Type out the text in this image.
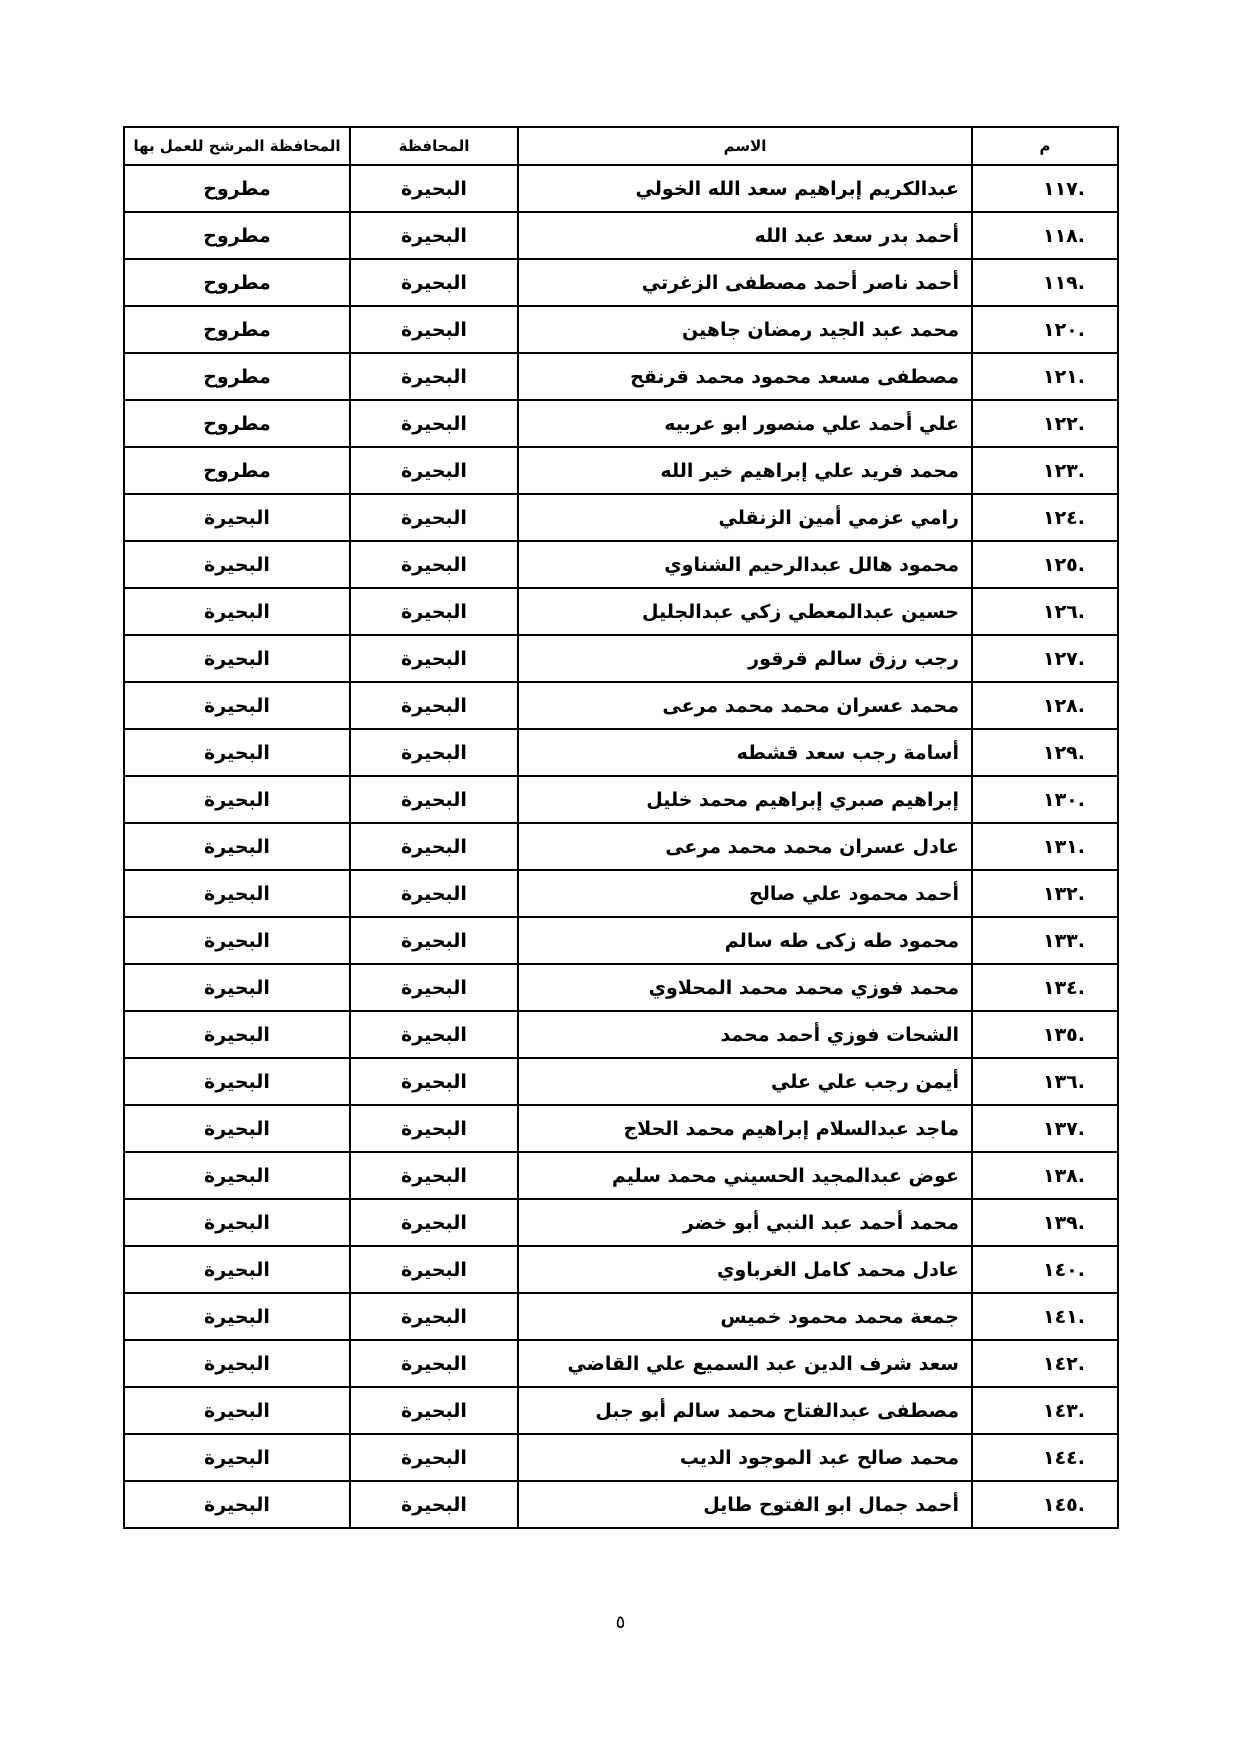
م	الاسم	المحافظة	المحافظة المرشح للعمل بها
.١١٧	عبدالكريم إبراهيم سعد الله الخولي	البحيرة	مطروح
.١١٨	أحمد بدر سعد عبد الله	البحيرة	مطروح
.١١٩	أحمد ناصر أحمد مصطفى الزغرتي	البحيرة	مطروح
.١٢٠	محمد عبد الجيد رمضان جاهين	البحيرة	مطروح
.١٢١	مصطفى مسعد محمود محمد قرنقح	البحيرة	مطروح
.١٢٢	علي أحمد علي منصور ابو عربيه	البحيرة	مطروح
.١٢٣	محمد فريد علي إبراهيم خير الله	البحيرة	مطروح
.١٢٤	رامي عزمي أمين الزنقلي	البحيرة	البحيرة
.١٢٥	محمود هالل عبدالرحيم الشناوي	البحيرة	البحيرة
.١٢٦	حسين عبدالمعطي زكي عبدالجليل	البحيرة	البحيرة
.١٢٧	رجب رزق سالم قرقور	البحيرة	البحيرة
.١٢٨	محمد عسران محمد محمد مرعى	البحيرة	البحيرة
.١٢٩	أسامة رجب سعد قشطه	البحيرة	البحيرة
.١٣٠	إبراهيم صبري إبراهيم محمد خليل	البحيرة	البحيرة
.١٣١	عادل عسران محمد محمد مرعى	البحيرة	البحيرة
.١٣٢	أحمد محمود علي صالح	البحيرة	البحيرة
.١٣٣	محمود طه زكى طه سالم	البحيرة	البحيرة
.١٣٤	محمد فوزي محمد محمد المحلاوي	البحيرة	البحيرة
.١٣٥	الشحات فوزي أحمد محمد	البحيرة	البحيرة
.١٣٦	أيمن رجب علي علي	البحيرة	البحيرة
.١٣٧	ماجد عبدالسلام إبراهيم محمد الحلاج	البحيرة	البحيرة
.١٣٨	عوض عبدالمجيد الحسيني محمد سليم	البحيرة	البحيرة
.١٣٩	محمد أحمد عبد النبي أبو خضر	البحيرة	البحيرة
.١٤٠	عادل محمد كامل الغرباوي	البحيرة	البحيرة
.١٤١	جمعة محمد محمود خميس	البحيرة	البحيرة
.١٤٢	سعد شرف الدين عبد السميع علي القاضي	البحيرة	البحيرة
.١٤٣	مصطفى عبدالفتاح محمد سالم أبو جبل	البحيرة	البحيرة
.١٤٤	محمد صالح عبد الموجود الديب	البحيرة	البحيرة
.١٤٥	أحمد جمال ابو الفتوح طايل	البحيرة	البحيرة
٥
